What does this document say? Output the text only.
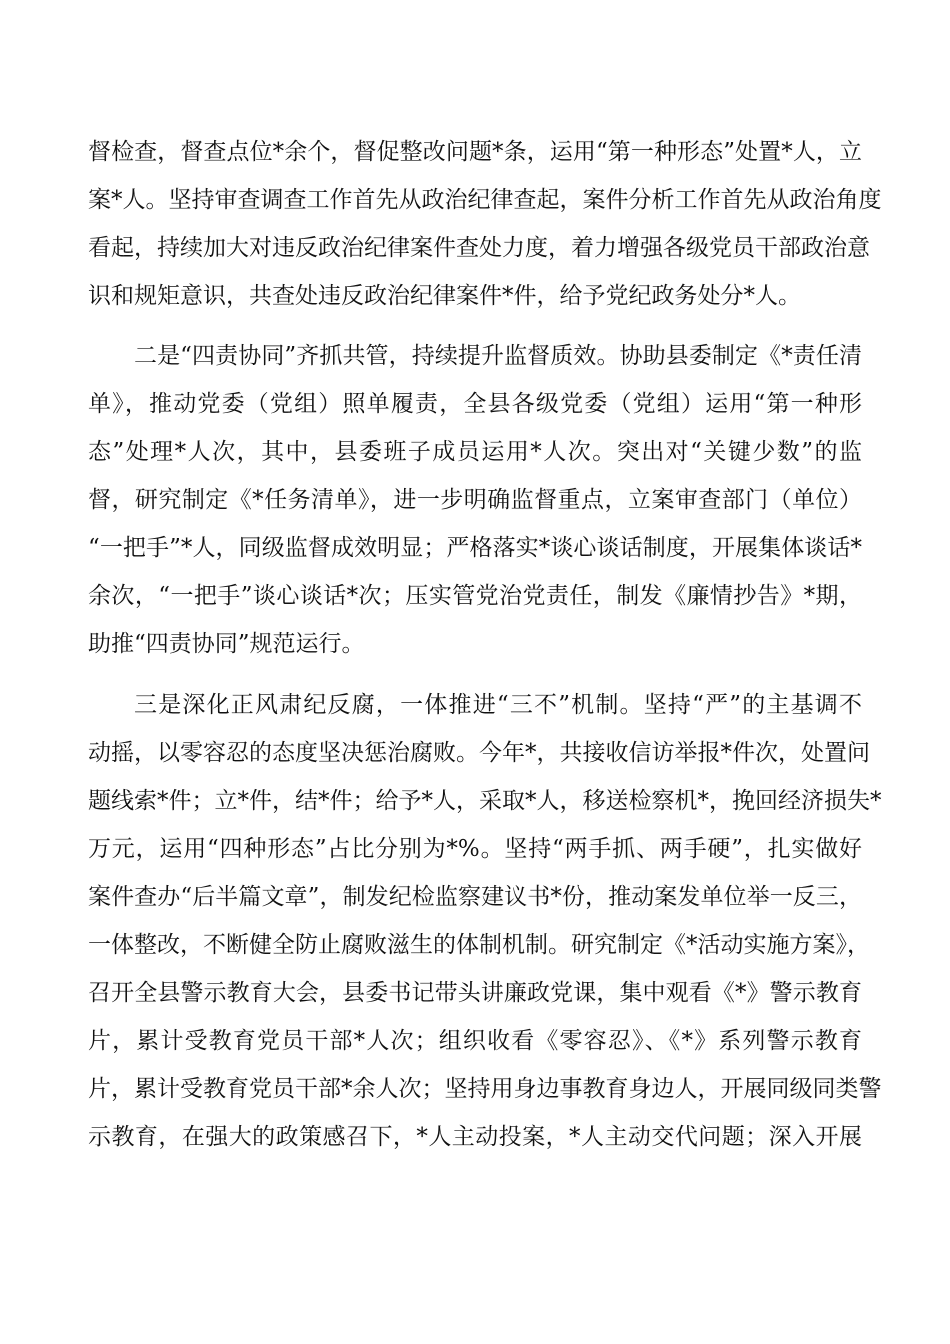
督检查，督查点位*余个，督促整改问题*条，运用“第一种形态”处置*人，立
案*人。坚持审查调查工作首先从政治纪律查起，案件分析工作首先从政治角度
看起，持续加大对违反政治纪律案件查处力度，着力增强各级党员干部政治意
识和规矩意识，共查处违反政治纪律案件*件，给予党纪政务处分*人。
二是“四责协同”齐抓共管，持续提升监督质效。协助县委制定《*责任清
单》，推动党委（党组）照单履责，全县各级党委（党组）运用“第一种形
态”处理*人次，其中，县委班子成员运用*人次。突出对“关键少数”的监
督，研究制定《*任务清单》，进一步明确监督重点，立案审查部门（单位）
“一把手”*人，同级监督成效明显；严格落实*谈心谈话制度，开展集体谈话*
余次，“一把手”谈心谈话*次；压实管党治党责任，制发《廉情抄告》*期，
助推“四责协同”规范运行。
三是深化正风肃纪反腐，一体推进“三不”机制。坚持“严”的主基调不
动摇，以零容忍的态度坚决惩治腐败。今年*，共接收信访举报*件次，处置问
题线索*件；立*件，结*件；给予*人，采取*人，移送检察机*，挽回经济损失*
万元，运用“四种形态”占比分别为*%。坚持“两手抓、两手硬”，扎实做好
案件查办“后半篇文章”，制发纪检监察建议书*份，推动案发单位举一反三，
一体整改，不断健全防止腐败滋生的体制机制。研究制定《*活动实施方案》，
召开全县警示教育大会，县委书记带头讲廉政党课，集中观看《*》警示教育
片，累计受教育党员干部*人次；组织收看《零容忍》、《*》系列警示教育
片，累计受教育党员干部*余人次；坚持用身边事教育身边人，开展同级同类警
示教育，在强大的政策感召下，*人主动投案，*人主动交代问题；深入开展
